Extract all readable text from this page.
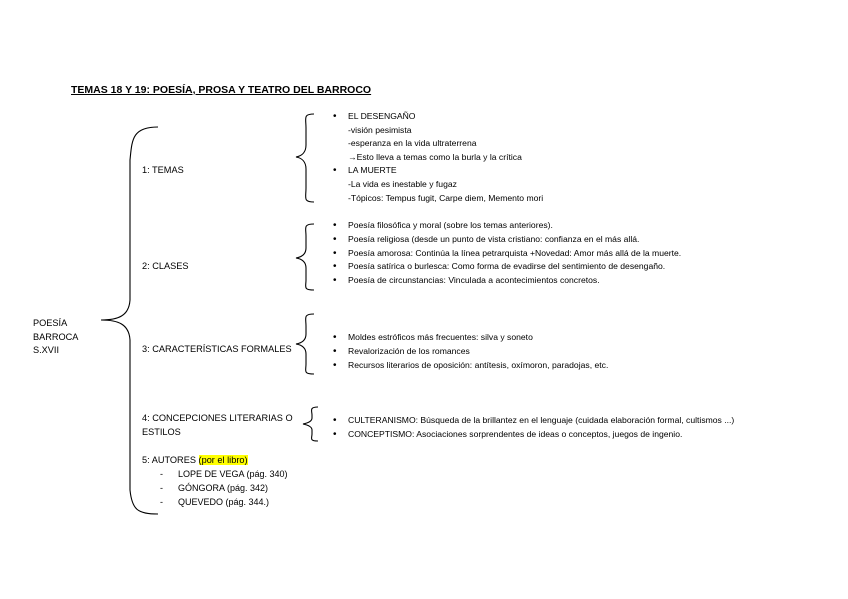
TEMAS 18 Y 19: POESÍA, PROSA Y TEATRO DEL BARROCO
POESÍA
BARROCA
S.XVII
1: TEMAS
2: CLASES
3: CARACTERÍSTICAS FORMALES
4: CONCEPCIONES LITERARIAS O
ESTILOS
5: AUTORES (por el libro)
• EL DESENGAÑO
-visión pesimista
-esperanza en la vida ultraterrena
→Esto lleva a temas como la burla y la crítica
• LA MUERTE
-La vida es inestable y fugaz
-Tópicos: Tempus fugit, Carpe diem, Memento mori
• Poesía filosófica y moral (sobre los temas anteriores).
• Poesía religiosa (desde un punto de vista cristiano: confianza en el más allá.
• Poesía amorosa: Continúa la línea petrarquista +Novedad: Amor más allá de la muerte.
• Poesía satírica o burlesca: Como forma de evadirse del sentimiento de desengaño.
• Poesía de circunstancias: Vinculada a acontecimientos concretos.
• Moldes estróficos más frecuentes: silva y soneto
• Revalorización de los romances
• Recursos literarios de oposición: antítesis, oxímoron, paradojas, etc.
• CULTERANISMO: Búsqueda de la brillantez en el lenguaje (cuidada elaboración formal, cultismos ...)
• CONCEPTISMO: Asociaciones sorprendentes de ideas o conceptos, juegos de ingenio.
- LOPE DE VEGA (pág. 340)
- GÓNGORA (pág. 342)
- QUEVEDO (pág. 344.)
